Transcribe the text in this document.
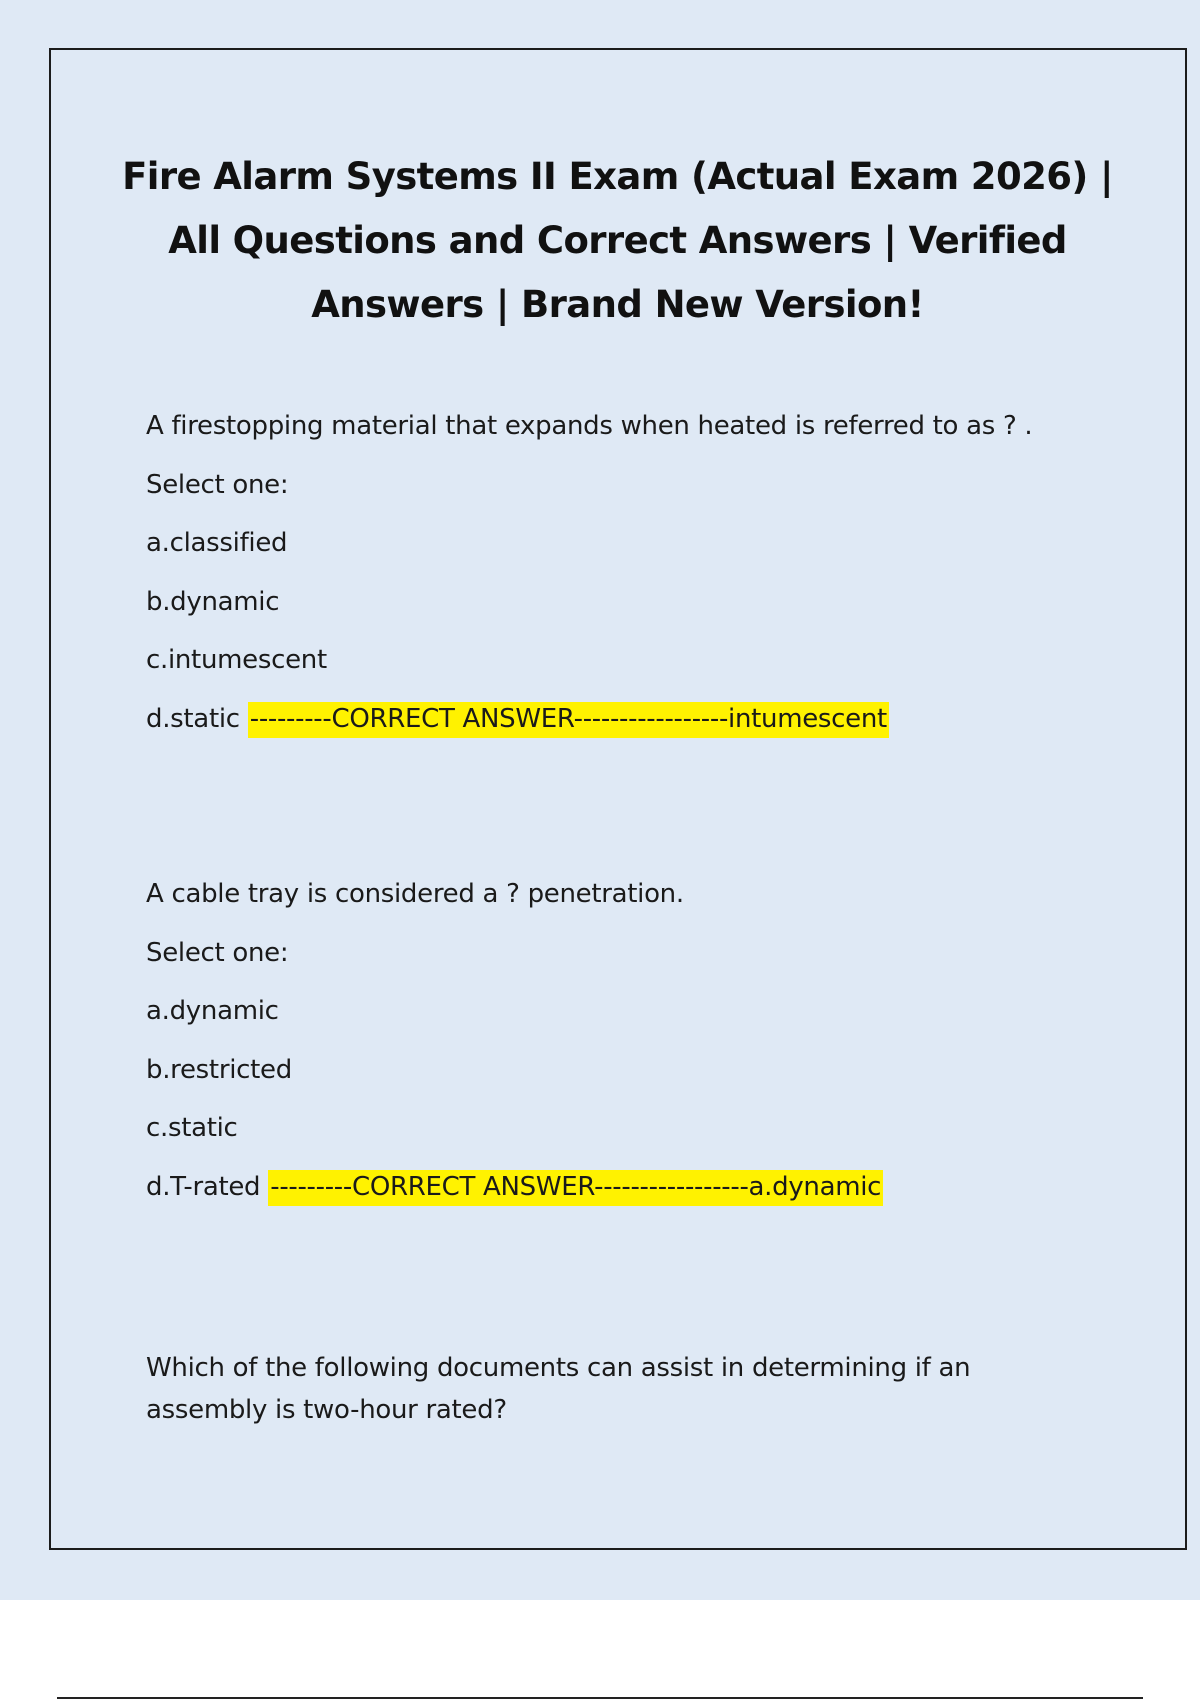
Fire Alarm Systems II Exam (Actual Exam 2026) | All Questions and Correct Answers | Verified Answers | Brand New Version!
A firestopping material that expands when heated is referred to as ? .
Select one:
a.classified
b.dynamic
c.intumescent
d.static ---------CORRECT ANSWER-----------------intumescent
A cable tray is considered a ? penetration.
Select one:
a.dynamic
b.restricted
c.static
d.T-rated ---------CORRECT ANSWER-----------------a.dynamic

Which of the following documents can assist in determining if an assembly is two-hour rated?
